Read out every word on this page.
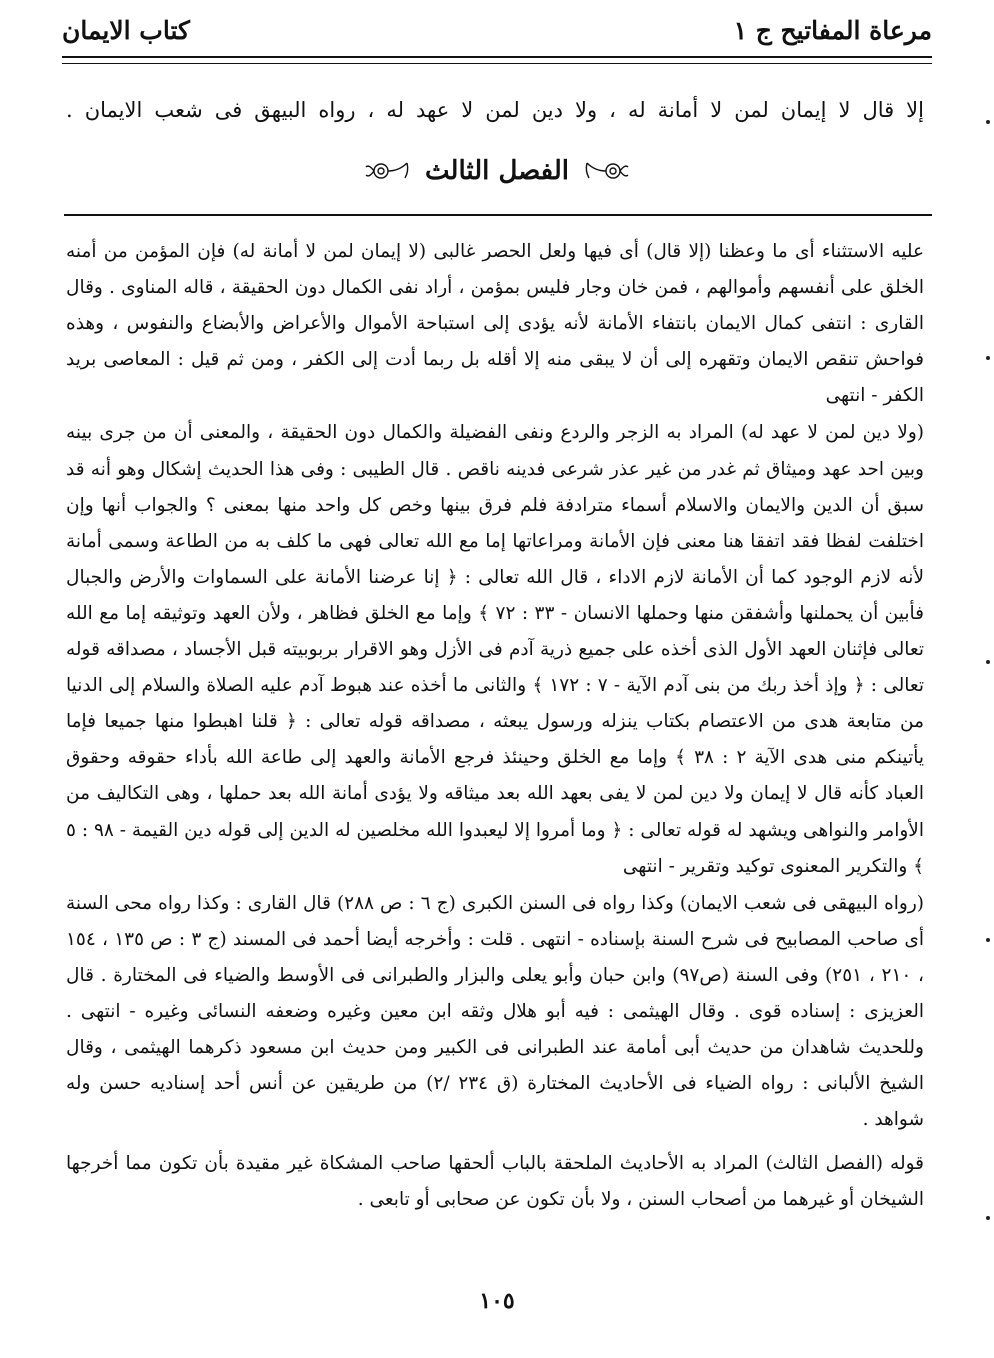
مرعاة المفاتيح ج ١
كتاب الايمان
إلا قال لا إيمان لمن لا أمانة له ، ولا دين لمن لا عهد له ، رواه البيهق فى شعب الايمان .
الفصل الثالث

عليه الاستثناء أى ما وعظنا (إلا قال) أى فيها ولعل الحصر غالبى (لا إيمان لمن لا أمانة له) فإن المؤمن من أمنه الخلق على أنفسهم وأموالهم ، فمن خان وجار فليس بمؤمن ، أراد نفى الكمال دون الحقيقة ، قاله المناوى . وقال القارى : انتفى كمال الايمان بانتفاء الأمانة لأنه يؤدى إلى استباحة الأموال والأعراض والأبضاع والنفوس ، وهذه فواحش تنقص الايمان وتقهره إلى أن لا يبقى منه إلا أقله بل ربما أدت إلى الكفر ، ومن ثم قيل : المعاصى بريد الكفر - انتهى

(ولا دين لمن لا عهد له) المراد به الزجر والردع ونفى الفضيلة والكمال دون الحقيقة ، والمعنى أن من جرى بينه وبين احد عهد وميثاق ثم غدر من غير عذر شرعى فدينه ناقص . قال الطيبى : وفى هذا الحديث إشكال وهو أنه قد سبق أن الدين والايمان والاسلام أسماء مترادفة فلم فرق بينها وخص كل واحد منها بمعنى ؟ والجواب أنها وإن اختلفت لفظا فقد اتفقا هنا معنى فإن الأمانة ومراعاتها إما مع الله تعالى فهى ما كلف به من الطاعة وسمى أمانة لأنه لازم الوجود كما أن الأمانة لازم الاداء ، قال الله تعالى : ﴿ إنا عرضنا الأمانة على السماوات والأرض والجبال فأبين أن يحملنها وأشفقن منها وحملها الانسان - ٣٣ : ٧٢ ﴾ وإما مع الخلق فظاهر ، ولأن العهد وتوثيقه إما مع الله تعالى فإثنان العهد الأول الذى أخذه على جميع ذرية آدم فى الأزل وهو الاقرار بربوبيته قبل الأجساد ، مصداقه قوله تعالى : ﴿ وإذ أخذ ربك من بنى آدم الآية - ٧ : ١٧٢ ﴾ والثانى ما أخذه عند هبوط آدم عليه الصلاة والسلام إلى الدنيا من متابعة هدى من الاعتصام بكتاب ينزله ورسول يبعثه ، مصداقه قوله تعالى : ﴿ قلنا اهبطوا منها جميعا فإما يأتينكم منى هدى الآية ٢ : ٣٨ ﴾ وإما مع الخلق وحينئذ فرجع الأمانة والعهد إلى طاعة الله بأداء حقوقه وحقوق العباد كأنه قال لا إيمان ولا دين لمن لا يفى بعهد الله بعد ميثاقه ولا يؤدى أمانة الله بعد حملها ، وهى التكاليف من الأوامر والنواهى ويشهد له قوله تعالى : ﴿ وما أمروا إلا ليعبدوا الله مخلصين له الدين إلى قوله دين القيمة - ٩٨ : ٥ ﴾ والتكرير المعنوى توكيد وتقرير - انتهى

(رواه البيهقى فى شعب الايمان) وكذا رواه فى السنن الكبرى (ج ٦ : ص ٢٨٨) قال القارى : وكذا رواه محى السنة أى صاحب المصابيح فى شرح السنة بإسناده - انتهى . قلت : وأخرجه أيضا أحمد فى المسند (ج ٣ : ص ١٣٥ ، ١٥٤ ، ٢١٠ ، ٢٥١) وفى السنة (ص٩٧) وابن حبان وأبو يعلى والبزار والطبرانى فى الأوسط والضياء فى المختارة . قال العزيزى : إسناده قوى . وقال الهيثمى : فيه أبو هلال وثقه ابن معين وغيره وضعفه النسائى وغيره - انتهى . وللحديث شاهدان من حديث أبى أمامة عند الطبرانى فى الكبير ومن حديث ابن مسعود ذكرهما الهيثمى ، وقال الشيخ الألبانى : رواه الضياء فى الأحاديث المختارة (ق ٢٣٤ /٢) من طريقين عن أنس أحد إسناديه حسن وله شواهد .

قوله (الفصل الثالث) المراد به الأحاديث الملحقة بالباب ألحقها صاحب المشكاة غير مقيدة بأن تكون مما أخرجها الشيخان أو غيرهما من أصحاب السنن ، ولا بأن تكون عن صحابى أو تابعى .

١٠٥
